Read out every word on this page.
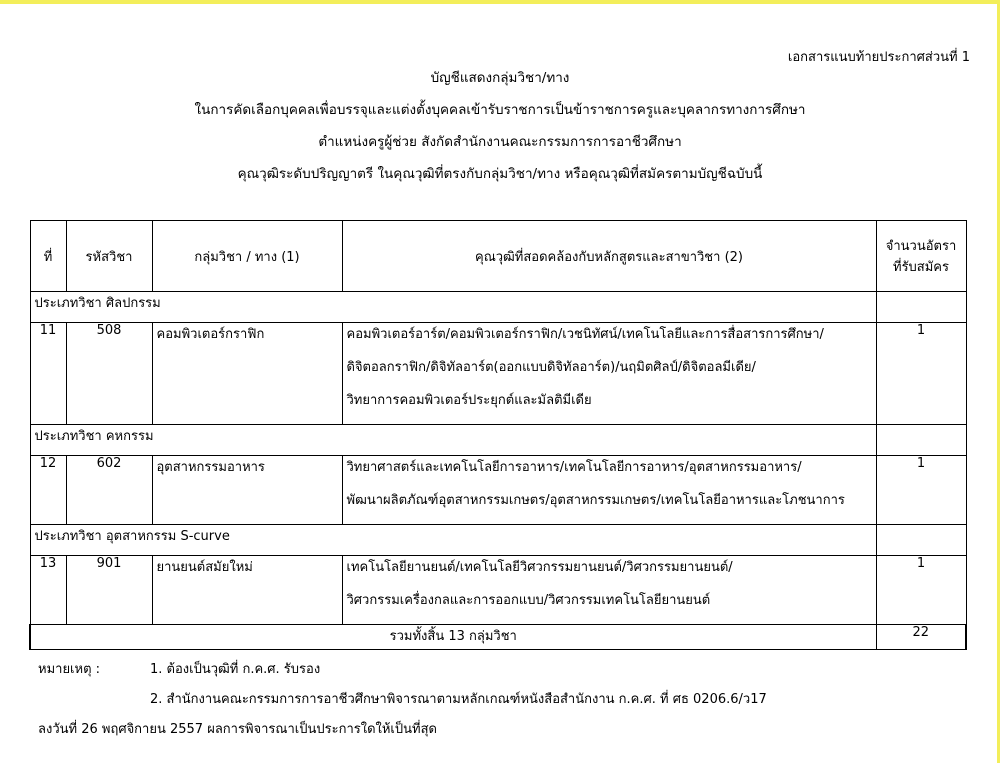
เอกสารแนบท้ายประกาศส่วนที่ 1
บัญชีแสดงกลุ่มวิชา/ทาง
ในการคัดเลือกบุคคลเพื่อบรรจุและแต่งตั้งบุคคลเข้ารับราชการเป็นข้าราชการครูและบุคลากรทางการศึกษา
ตำแหน่งครูผู้ช่วย สังกัดสำนักงานคณะกรรมการการอาชีวศึกษา
คุณวุฒิระดับปริญญาตรี ในคุณวุฒิที่ตรงกับกลุ่มวิชา/ทาง หรือคุณวุฒิที่สมัครตามบัญชีฉบับนี้
ที่	รหัสวิชา	กลุ่มวิชา / ทาง (1)	คุณวุฒิที่สอดคล้องกับหลักสูตรและสาขาวิชา (2)	จำนวนอัตรา
ที่รับสมัคร

ประเภทวิชา ศิลปกรรม				
11	508	คอมพิวเตอร์กราฟิก	คอมพิวเตอร์อาร์ต/คอมพิวเตอร์กราฟิก/เวชนิทัศน์/เทคโนโลยีและการสื่อสารการศึกษา/
ดิจิตอลกราฟิก/ดิจิทัลอาร์ต(ออกแบบดิจิทัลอาร์ต)/นฤมิตศิลป์/ดิจิตอลมีเดีย/
วิทยาการคอมพิวเตอร์ประยุกต์และมัลติมีเดีย	1
ประเภทวิชา คหกรรม				
12	602	อุตสาหกรรมอาหาร	วิทยาศาสตร์และเทคโนโลยีการอาหาร/เทคโนโลยีการอาหาร/อุตสาหกรรมอาหาร/
พัฒนาผลิตภัณฑ์อุตสาหกรรมเกษตร/อุตสาหกรรมเกษตร/เทคโนโลยีอาหารและโภชนาการ	1
ประเภทวิชา อุตสาหกรรม S-curve				
13	901	ยานยนต์สมัยใหม่	เทคโนโลยียานยนต์/เทคโนโลยีวิศวกรรมยานยนต์/วิศวกรรมยานยนต์/
วิศวกรรมเครื่องกลและการออกแบบ/วิศวกรรมเทคโนโลยียานยนต์	1
รวมทั้งสิ้น 13 กลุ่มวิชา				22
หมายเหตุ :	1. ต้องเป็นวุฒิที่ ก.ค.ศ. รับรอง
2. สำนักงานคณะกรรมการการอาชีวศึกษาพิจารณาตามหลักเกณฑ์หนังสือสำนักงาน ก.ค.ศ. ที่ ศธ 0206.6/ว17
ลงวันที่ 26 พฤศจิกายน 2557 ผลการพิจารณาเป็นประการใดให้เป็นที่สุด
